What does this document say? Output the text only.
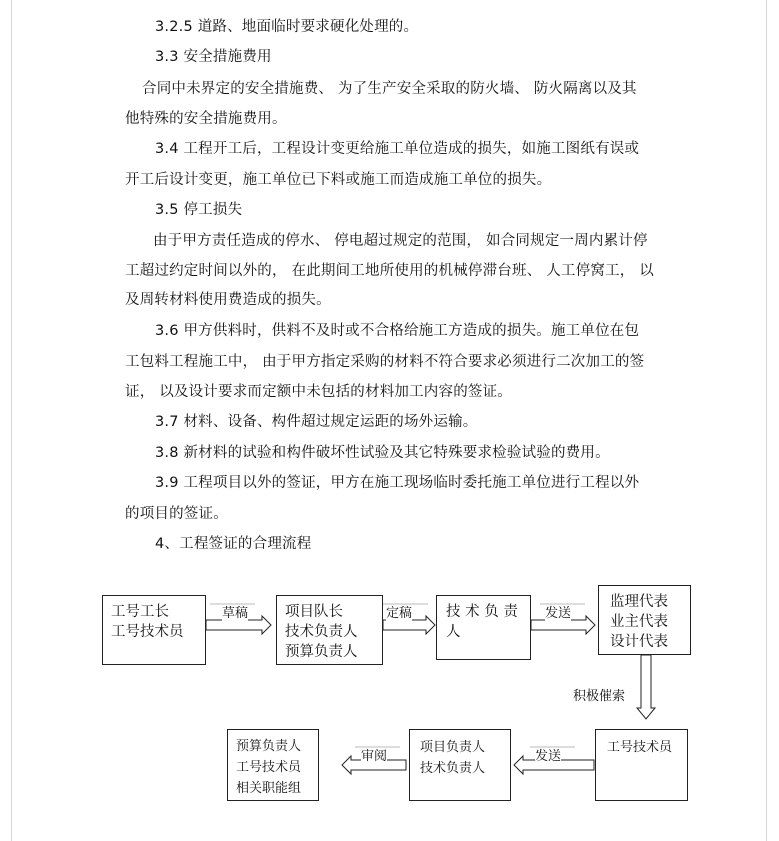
3.2.5 道路、地面临时要求硬化处理的。
3.3 安全措施费用
合同中未界定的安全措施费、 为了生产安全采取的防火墙、 防火隔离以及其
他特殊的安全措施费用。
3.4 工程开工后，工程设计变更给施工单位造成的损失，如施工图纸有误或
开工后设计变更，施工单位已下料或施工而造成施工单位的损失。
3.5 停工损失
由于甲方责任造成的停水、 停电超过规定的范围， 如合同规定一周内累计停
工超过约定时间以外的， 在此期间工地所使用的机械停滞台班、 人工停窝工， 以
及周转材料使用费造成的损失。
3.6 甲方供料时，供料不及时或不合格给施工方造成的损失。施工单位在包
工包料工程施工中， 由于甲方指定采购的材料不符合要求必须进行二次加工的签
证， 以及设计要求而定额中未包括的材料加工内容的签证。
3.7 材料、设备、构件超过规定运距的场外运输。
3.8 新材料的试验和构件破坏性试验及其它特殊要求检验试验的费用。
3.9 工程项目以外的签证，甲方在施工现场临时委托施工单位进行工程以外
的项目的签证。
4、工程签证的合理流程
草稿	定稿	发送
积极催索
发送
审阅
工号工长
工号技术员
项目队长
技术负责人
预算负责人
技 术 负 责
人
监理代表
业主代表
设计代表
工号技术员
项目负责人
技术负责人
预算负责人
工号技术员
相关职能组
